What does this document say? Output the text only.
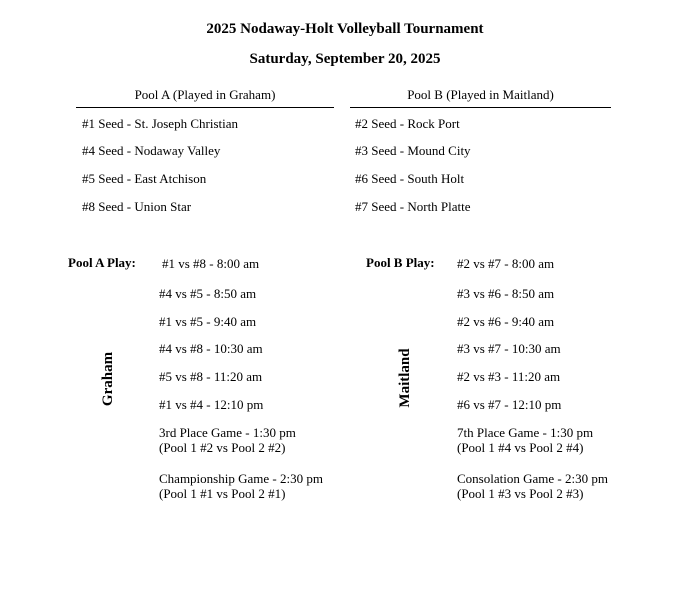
2025 Nodaway-Holt Volleyball Tournament
Saturday, September 20, 2025
Pool A (Played in Graham)	Pool B (Played in Maitland)
#1 Seed - St. Joseph Christian
#4 Seed - Nodaway Valley
#5 Seed - East Atchison
#8 Seed - Union Star
#2 Seed - Rock Port
#3 Seed - Mound City
#6 Seed - South Holt
#7 Seed - North Platte
Pool A Play: #1 vs #8 - 8:00 am
#4 vs #5 - 8:50 am
#1 vs #5 - 9:40 am
#4 vs #8 - 10:30 am
#5 vs #8 - 11:20 am
#1 vs #4 - 12:10 pm
3rd Place Game - 1:30 pm
(Pool 1 #2 vs Pool 2 #2)
Championship Game - 2:30 pm
(Pool 1 #1 vs Pool 2 #1)
Graham
Pool B Play: #2 vs #7 - 8:00 am
#3 vs #6 - 8:50 am
#2 vs #6 - 9:40 am
#3 vs #7 - 10:30 am
#2 vs #3 - 11:20 am
#6 vs #7 - 12:10 pm
7th Place Game - 1:30 pm
(Pool 1 #4 vs Pool 2 #4)
Consolation Game - 2:30 pm
(Pool 1 #3 vs Pool 2 #3)
Maitland
